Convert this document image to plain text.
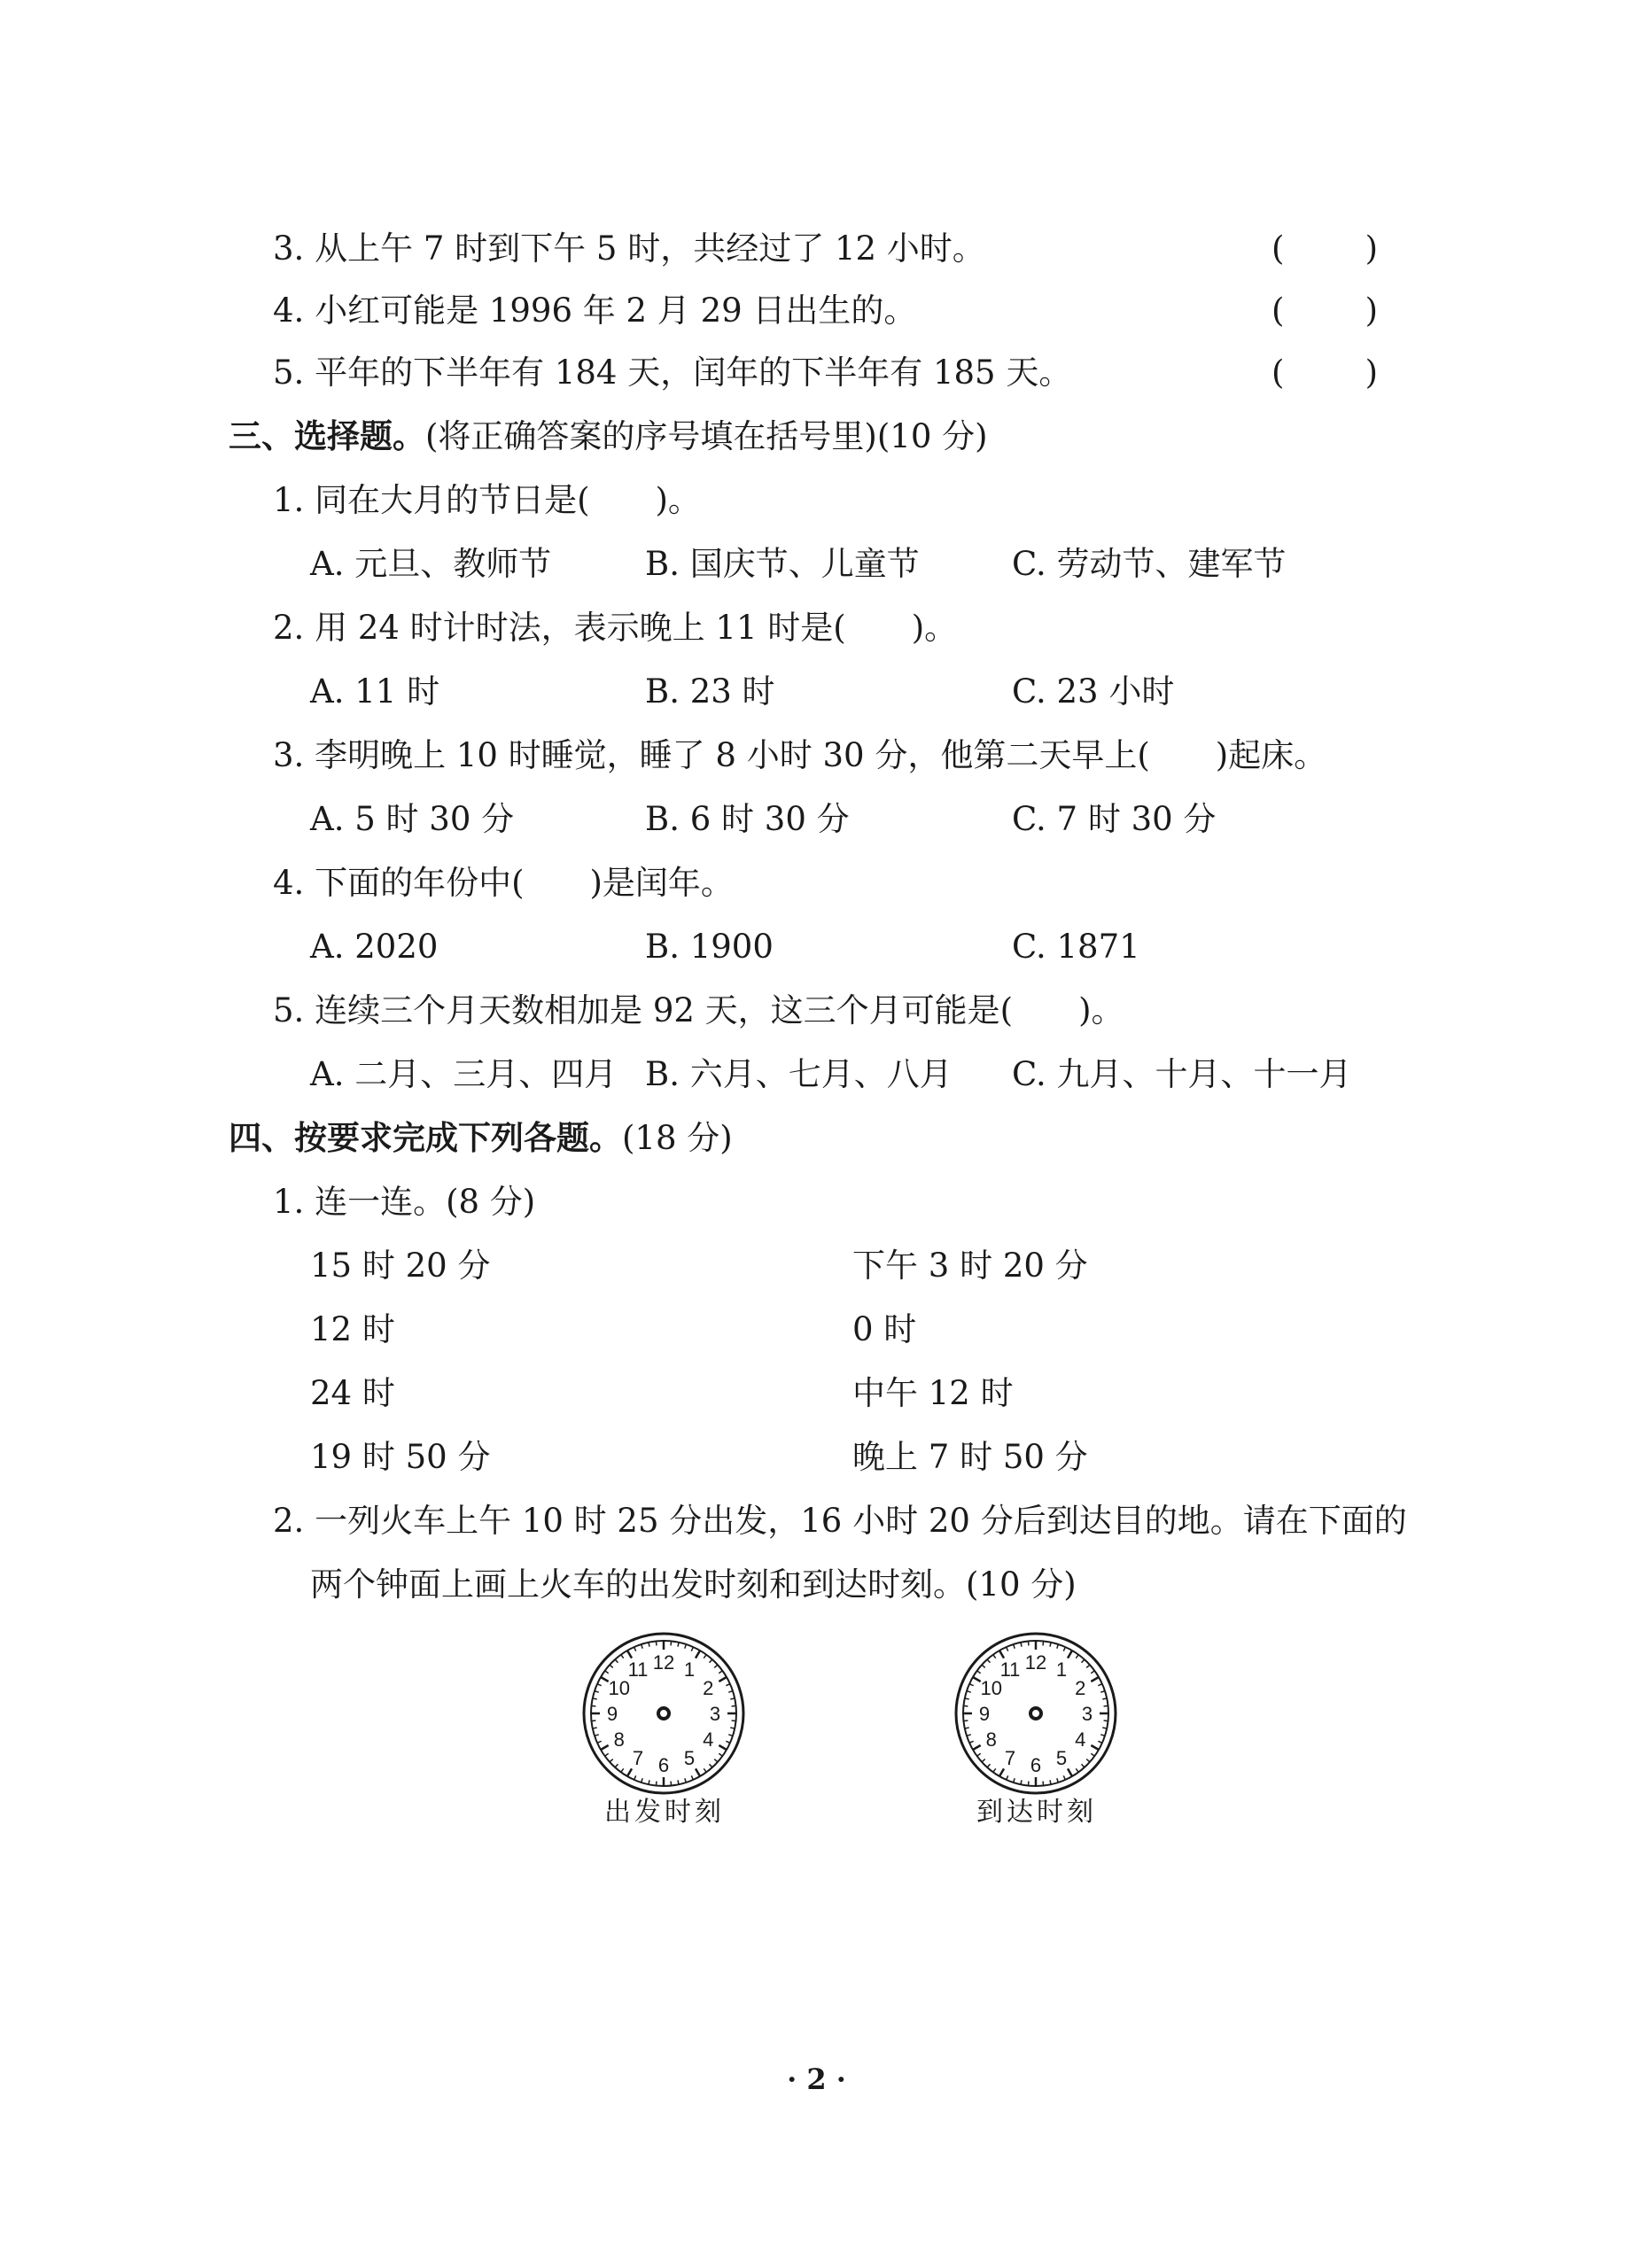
3. 从上午 7 时到下午 5 时，共经过了 12 小时。	( )
4. 小红可能是 1996 年 2 月 29 日出生的。	( )
5. 平年的下半年有 184 天，闰年的下半年有 185 天。	( )
三、选择题。(将正确答案的序号填在括号里)(10 分)
1. 同在大月的节日是(　　)。
A. 元旦、教师节	B. 国庆节、儿童节	C. 劳动节、建军节
2. 用 24 时计时法，表示晚上 11 时是(　　)。
A. 11 时	B. 23 时	C. 23 小时
3. 李明晚上 10 时睡觉，睡了 8 小时 30 分，他第二天早上(　　)起床。
A. 5 时 30 分	B. 6 时 30 分	C. 7 时 30 分
4. 下面的年份中(　　)是闰年。
A. 2020	B. 1900	C. 1871
5. 连续三个月天数相加是 92 天，这三个月可能是(　　)。
A. 二月、三月、四月 B. 六月、七月、八月 C. 九月、十月、十一月
四、按要求完成下列各题。(18 分)
1. 连一连。(8 分)
15 时 20 分	下午 3 时 20 分
12 时	0 时
24 时	中午 12 时
19 时 50 分	晚上 7 时 50 分
2. 一列火车上午 10 时 25 分出发，16 小时 20 分后到达目的地。请在下面的
两个钟面上画上火车的出发时刻和到达时刻。(10 分)
12 1
2
3
4
5
6
7
8
9
10
11
出发时刻
12 1
2
3
4
5
6
7
8
9
10
11
到达时刻
· 2 ·
